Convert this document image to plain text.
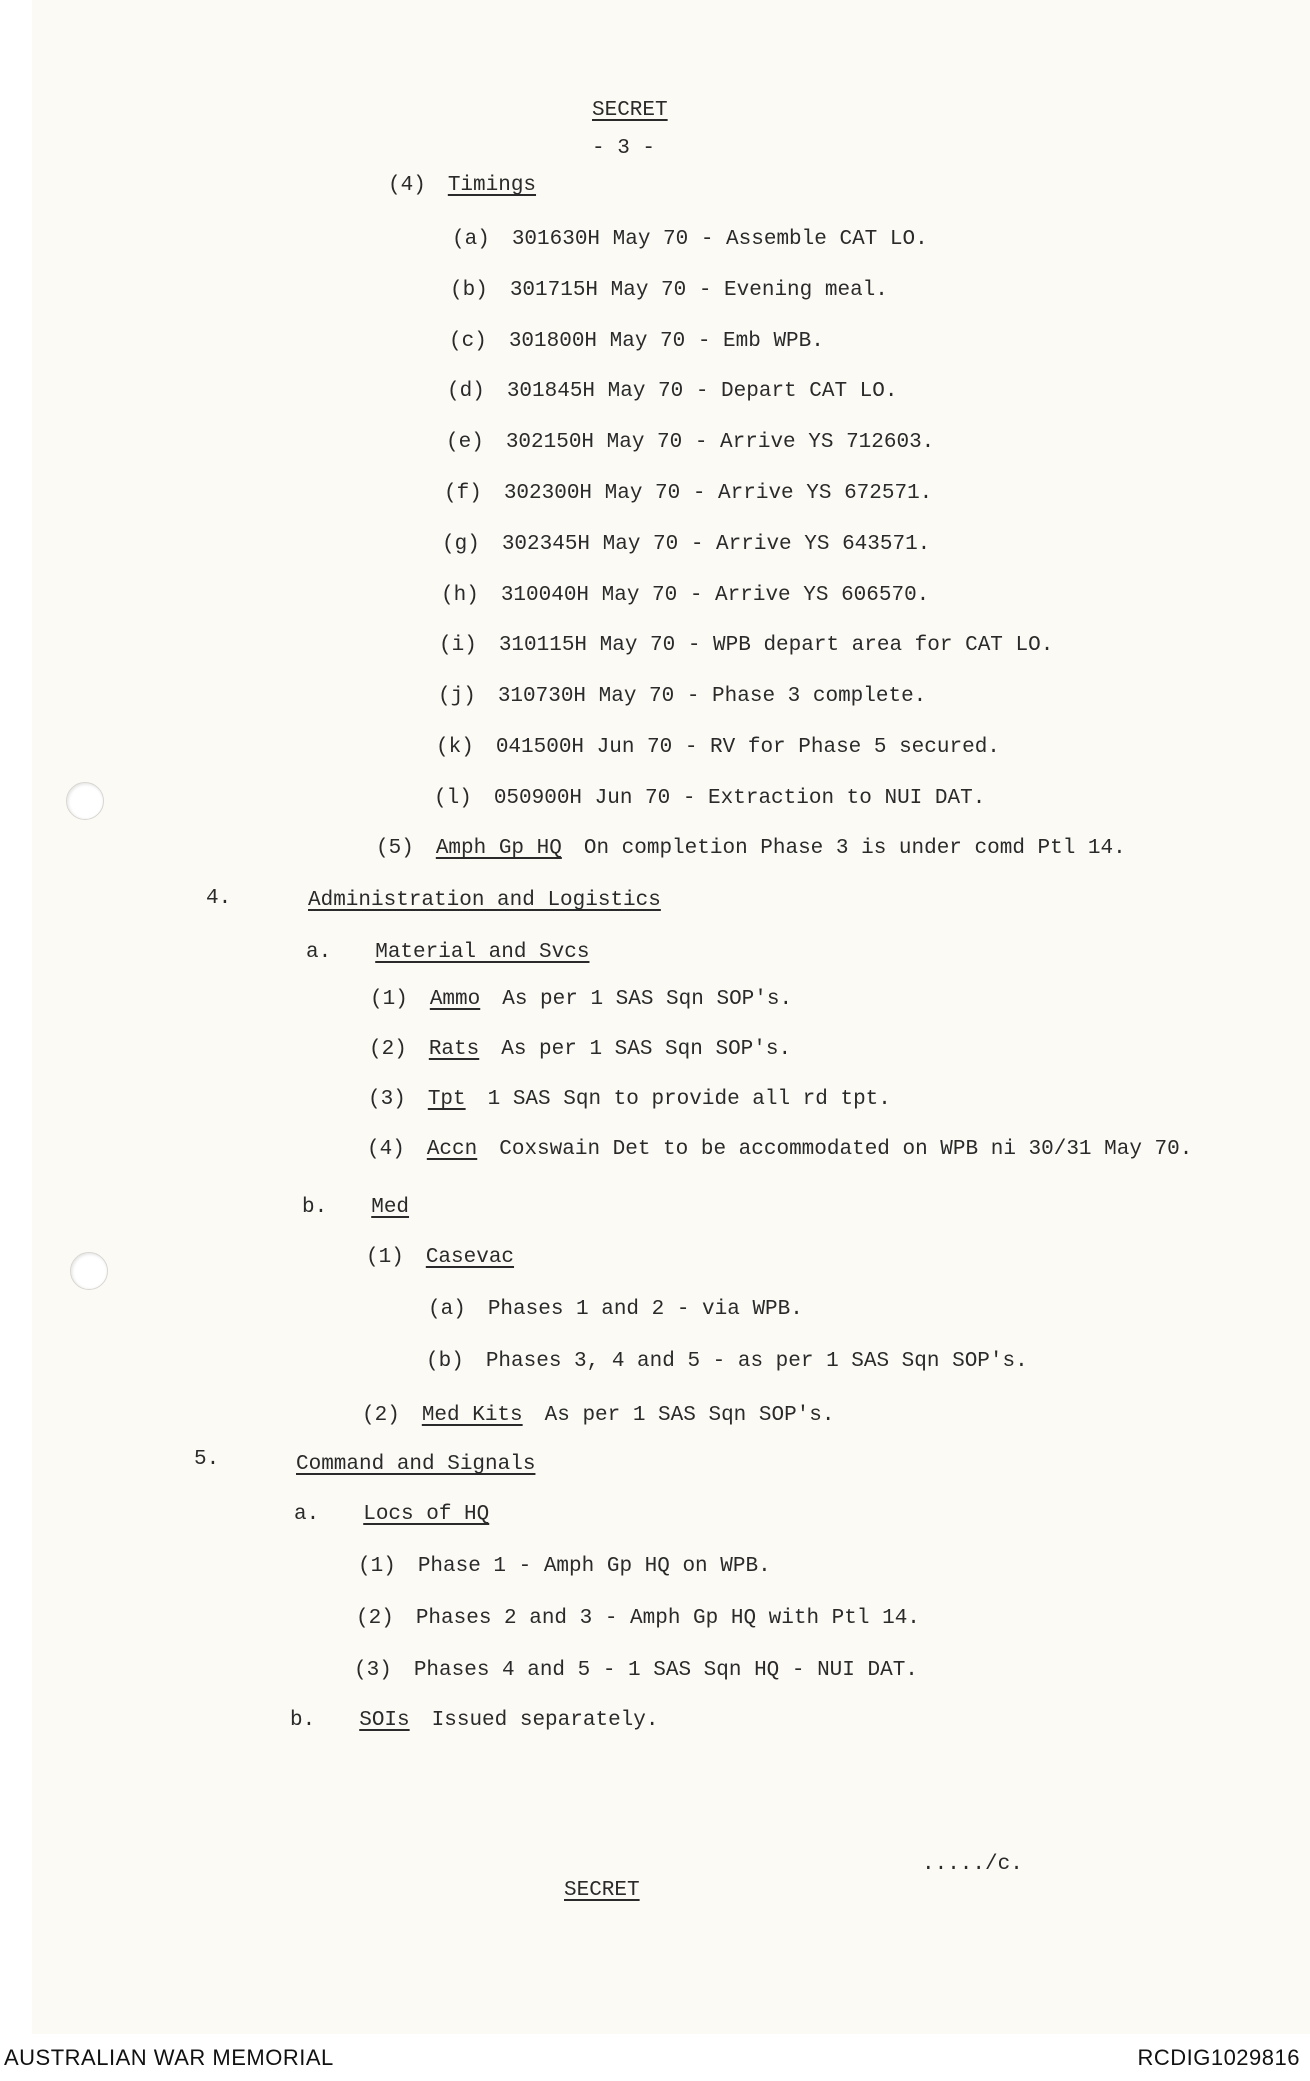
SECRET
- 3 -
(4) Timings
(a) 301630H May 70 - Assemble CAT LO.
(b) 301715H May 70 - Evening meal.
(c) 301800H May 70 - Emb WPB.
(d) 301845H May 70 - Depart CAT LO.
(e) 302150H May 70 - Arrive YS 712603.
(f) 302300H May 70 - Arrive YS 672571.
(g) 302345H May 70 - Arrive YS 643571.
(h) 310040H May 70 - Arrive YS 606570.
(i) 310115H May 70 - WPB depart area for CAT LO.
(j) 310730H May 70 - Phase 3 complete.
(k) 041500H Jun 70 - RV for Phase 5 secured.
(l) 050900H Jun 70 - Extraction to NUI DAT.
(5) Amph Gp HQ On completion Phase 3 is under comd Ptl 14.
4.	Administration and Logistics
a. Material and Svcs
(1) Ammo As per 1 SAS Sqn SOP's.
(2) Rats As per 1 SAS Sqn SOP's.
(3) Tpt 1 SAS Sqn to provide all rd tpt.
(4) Accn Coxswain Det to be accommodated on WPB ni 30/31 May 70.
b. Med
(1) Casevac
(a) Phases 1 and 2 - via WPB.
(b) Phases 3, 4 and 5 - as per 1 SAS Sqn SOP's.
(2) Med Kits As per 1 SAS Sqn SOP's.
5.	Command and Signals
a. Locs of HQ
(1) Phase 1 - Amph Gp HQ on WPB.
(2) Phases 2 and 3 - Amph Gp HQ with Ptl 14.
(3) Phases 4 and 5 - 1 SAS Sqn HQ - NUI DAT.
b. SOIs Issued separately.
...../c.
SECRET
AUSTRALIAN WAR MEMORIAL	RCDIG1029816
